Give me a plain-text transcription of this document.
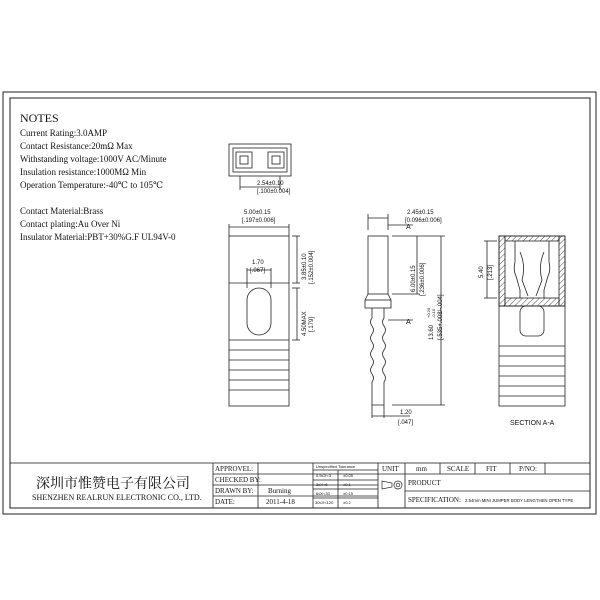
NOTES
Current Rating:3.0AMP
Contact Resistance:20mΩ Max
Withstanding voltage:1000V AC/Minute
Insulation resistance:1000MΩ Min
Operation Temperature:-40℃ to 105℃
Contact Material:Brass
Contact plating:Au Over Ni
Insulator Material:PBT+30%G.F UL94V-0
2.54±0.10
[.100±0.004]
5.00±0.15
[.197±0.006]
1.70
[.067]	3.85±0.10 [.152±0.004]
4.50MAX [.179]
A
A
2.45±0.15
[0.096±0.006]
6.00±0.15 [.236±0.006]
13.60
+0.20 -0.10 [.535+.008/-.004]
1.20
[.047]
5.40 [.213]
SECTION A-A
深圳市惟赞电子有限公司
SHENZHEN REALRUN ELECTRONIC CO., LTD.
APPROVEL:
CHECKED BY:
DRAWN BY: Burning
DATE:	2011-4-18
Unspecified Tolerance
0.5≤X<3	±0.05
3≤X<6	±0.1
6≤X<30	±0.15
30≤X<120 ±0.2
UNIT mm	SCALE FIT	P/NO:
PRODUCT
SPECIFICATION: 2.54mm MINI JUMPER BODY LENGTHEN OPEN TYPE
